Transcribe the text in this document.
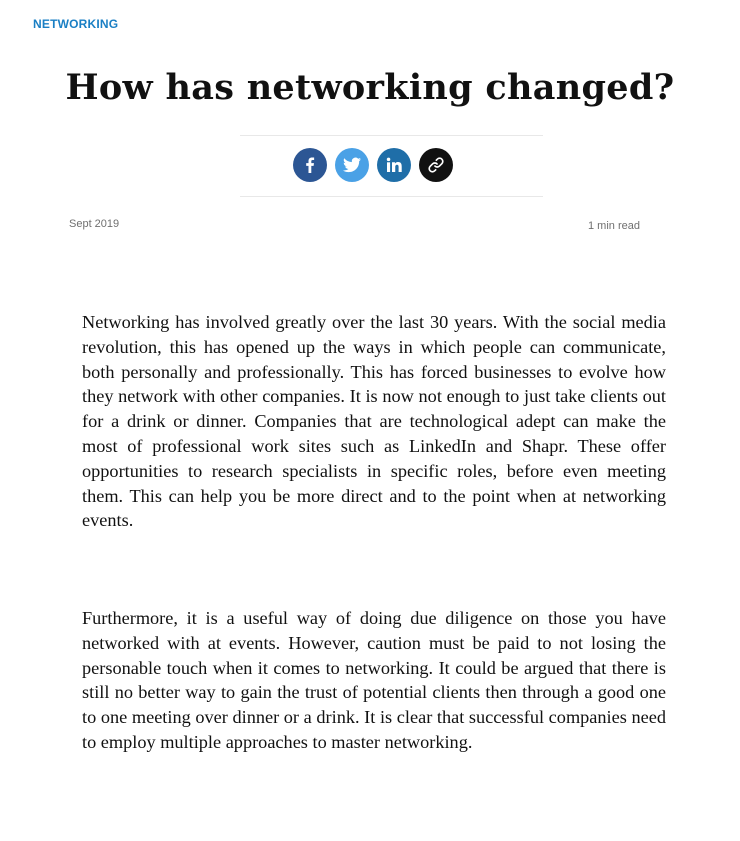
NETWORKING
How has networking changed?
Sept 2019	1 min read

Networking has involved greatly over the last 30 years. With the social media revolution, this has opened up the ways in which people can communicate, both personally and professionally. This has forced businesses to evolve how they network with other companies. It is now not enough to just take clients out for a drink or dinner. Companies that are technological adept can make the most of professional work sites such as LinkedIn and Shapr. These offer opportunities to research specialists in specific roles, before even meeting them. This can help you be more direct and to the point when at networking events.

Furthermore, it is a useful way of doing due diligence on those you have networked with at events. However, caution must be paid to not losing the personable touch when it comes to networking. It could be argued that there is still no better way to gain the trust of potential clients then through a good one to one meeting over dinner or a drink. It is clear that successful companies need to employ multiple approaches to master networking.
